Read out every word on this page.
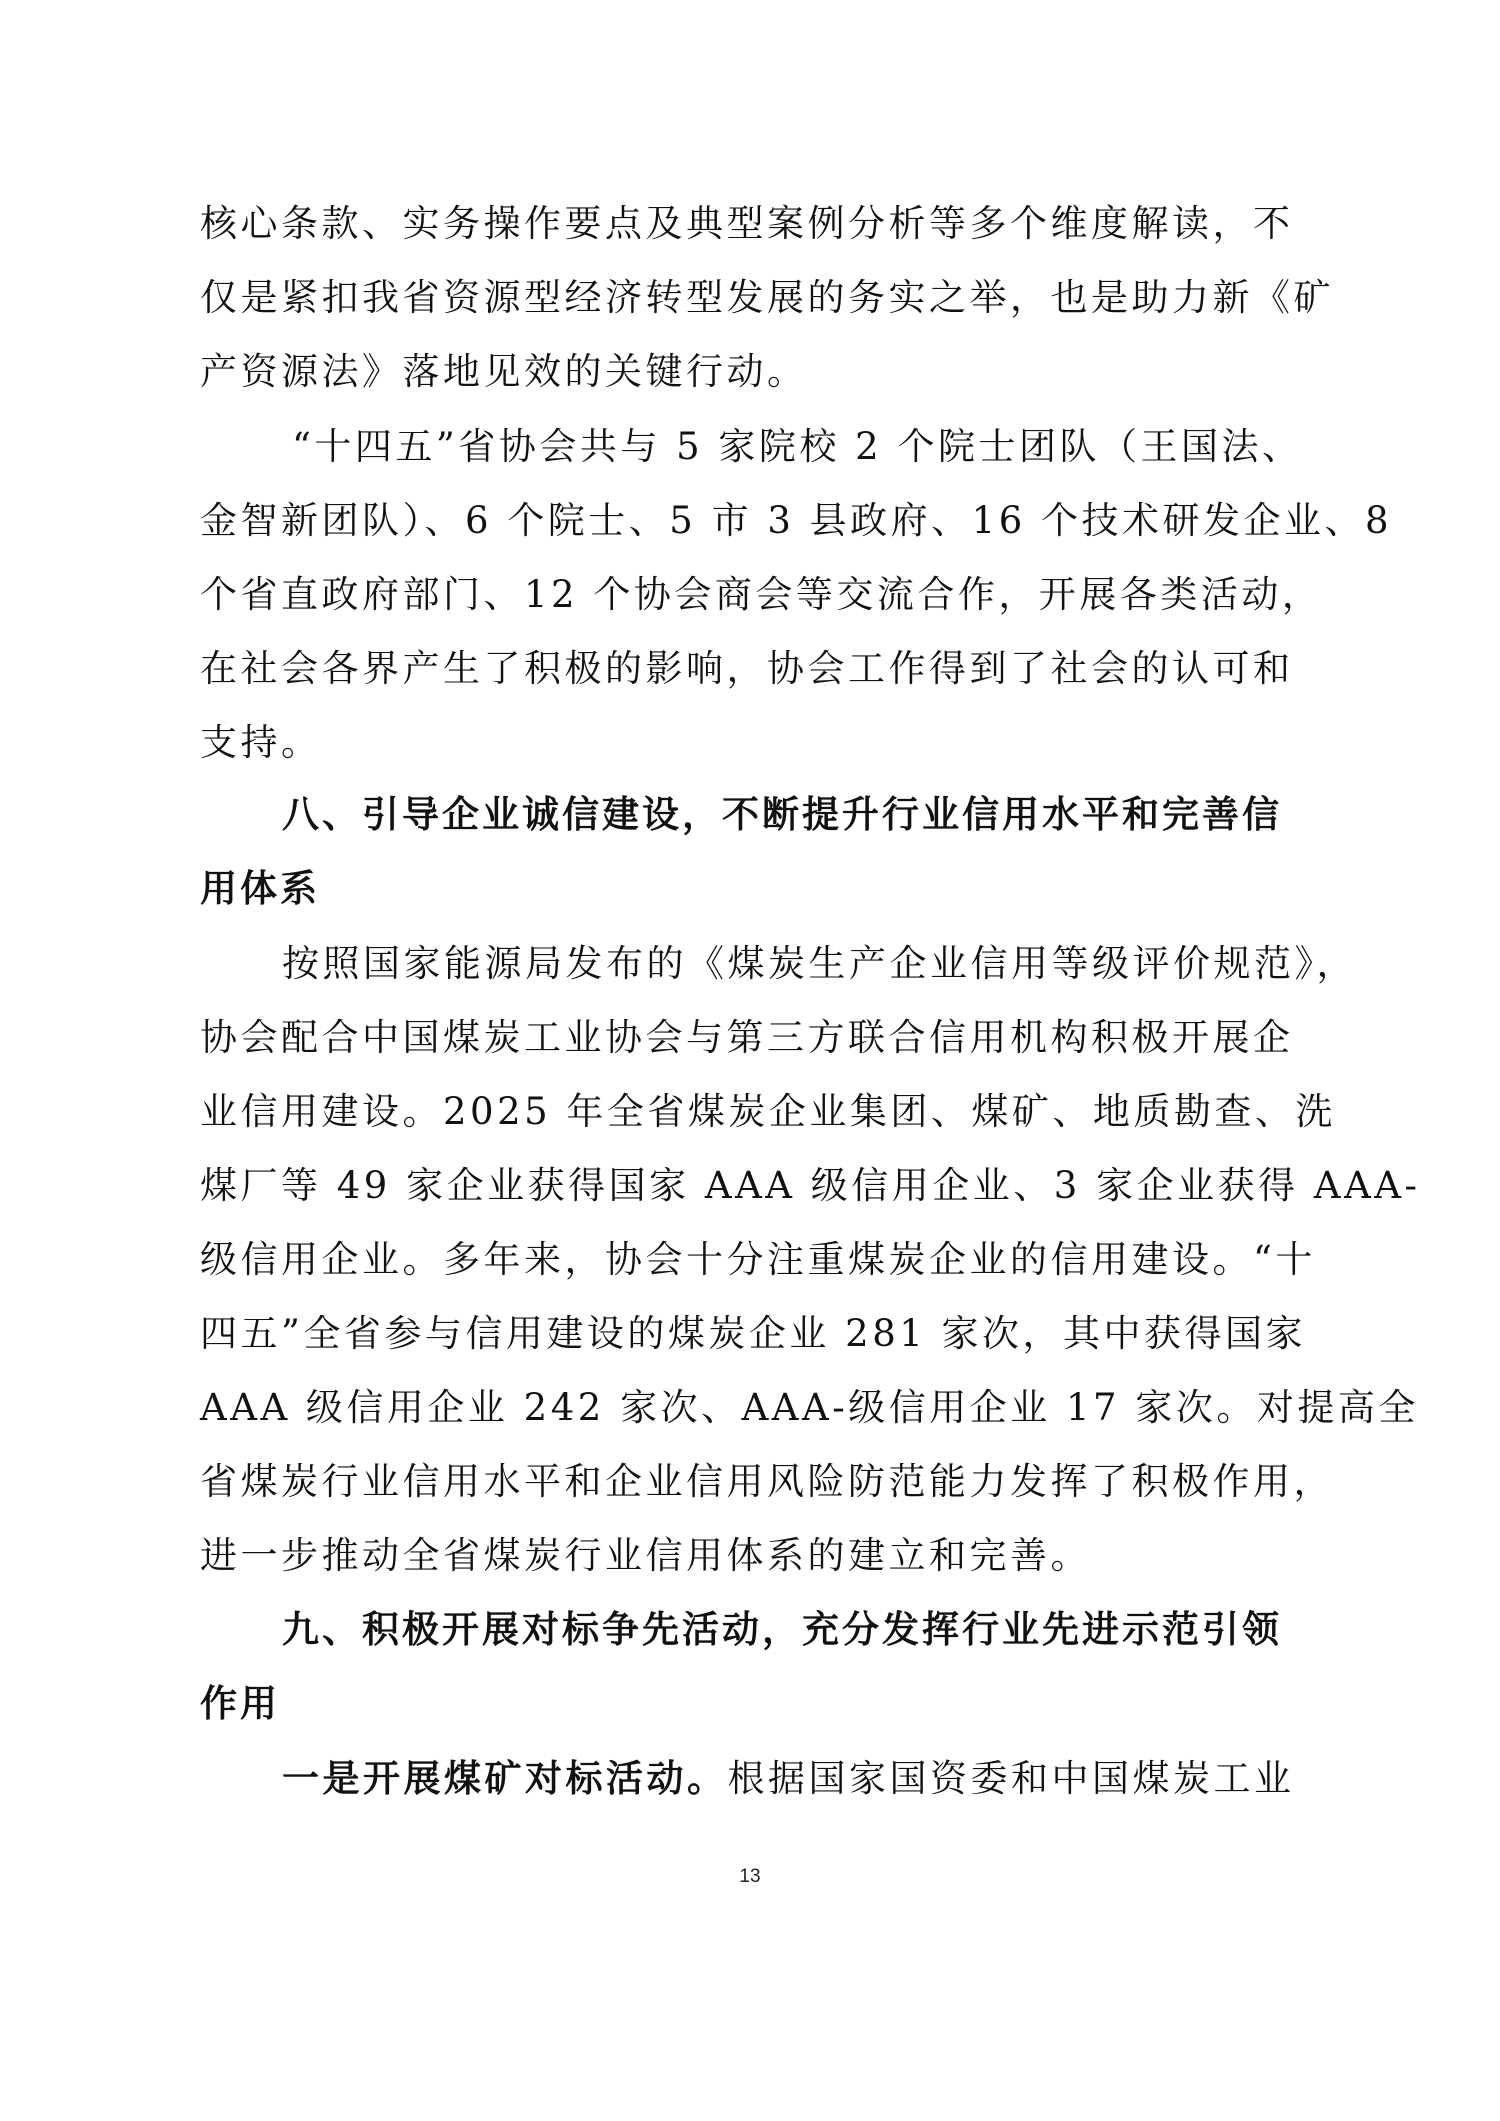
核心条款、实务操作要点及典型案例分析等多个维度解读，不
仅是紧扣我省资源型经济转型发展的务实之举，也是助力新《矿
产资源法》落地见效的关键行动。
“十四五”省协会共与 5 家院校 2 个院士团队（王国法、
金智新团队）、6 个院士、5 市 3 县政府、16 个技术研发企业、8
个省直政府部门、12 个协会商会等交流合作，开展各类活动，
在社会各界产生了积极的影响，协会工作得到了社会的认可和
支持。
八、引导企业诚信建设，不断提升行业信用水平和完善信
用体系
按照国家能源局发布的《煤炭生产企业信用等级评价规范》，
协会配合中国煤炭工业协会与第三方联合信用机构积极开展企
业信用建设。2025 年全省煤炭企业集团、煤矿、地质勘查、洗
煤厂等 49 家企业获得国家 AAA 级信用企业、3 家企业获得 AAA-
级信用企业。多年来，协会十分注重煤炭企业的信用建设。“十
四五”全省参与信用建设的煤炭企业 281 家次，其中获得国家
AAA 级信用企业 242 家次、AAA-级信用企业 17 家次。对提高全
省煤炭行业信用水平和企业信用风险防范能力发挥了积极作用，
进一步推动全省煤炭行业信用体系的建立和完善。
九、积极开展对标争先活动，充分发挥行业先进示范引领
作用
一是开展煤矿对标活动。根据国家国资委和中国煤炭工业
13
